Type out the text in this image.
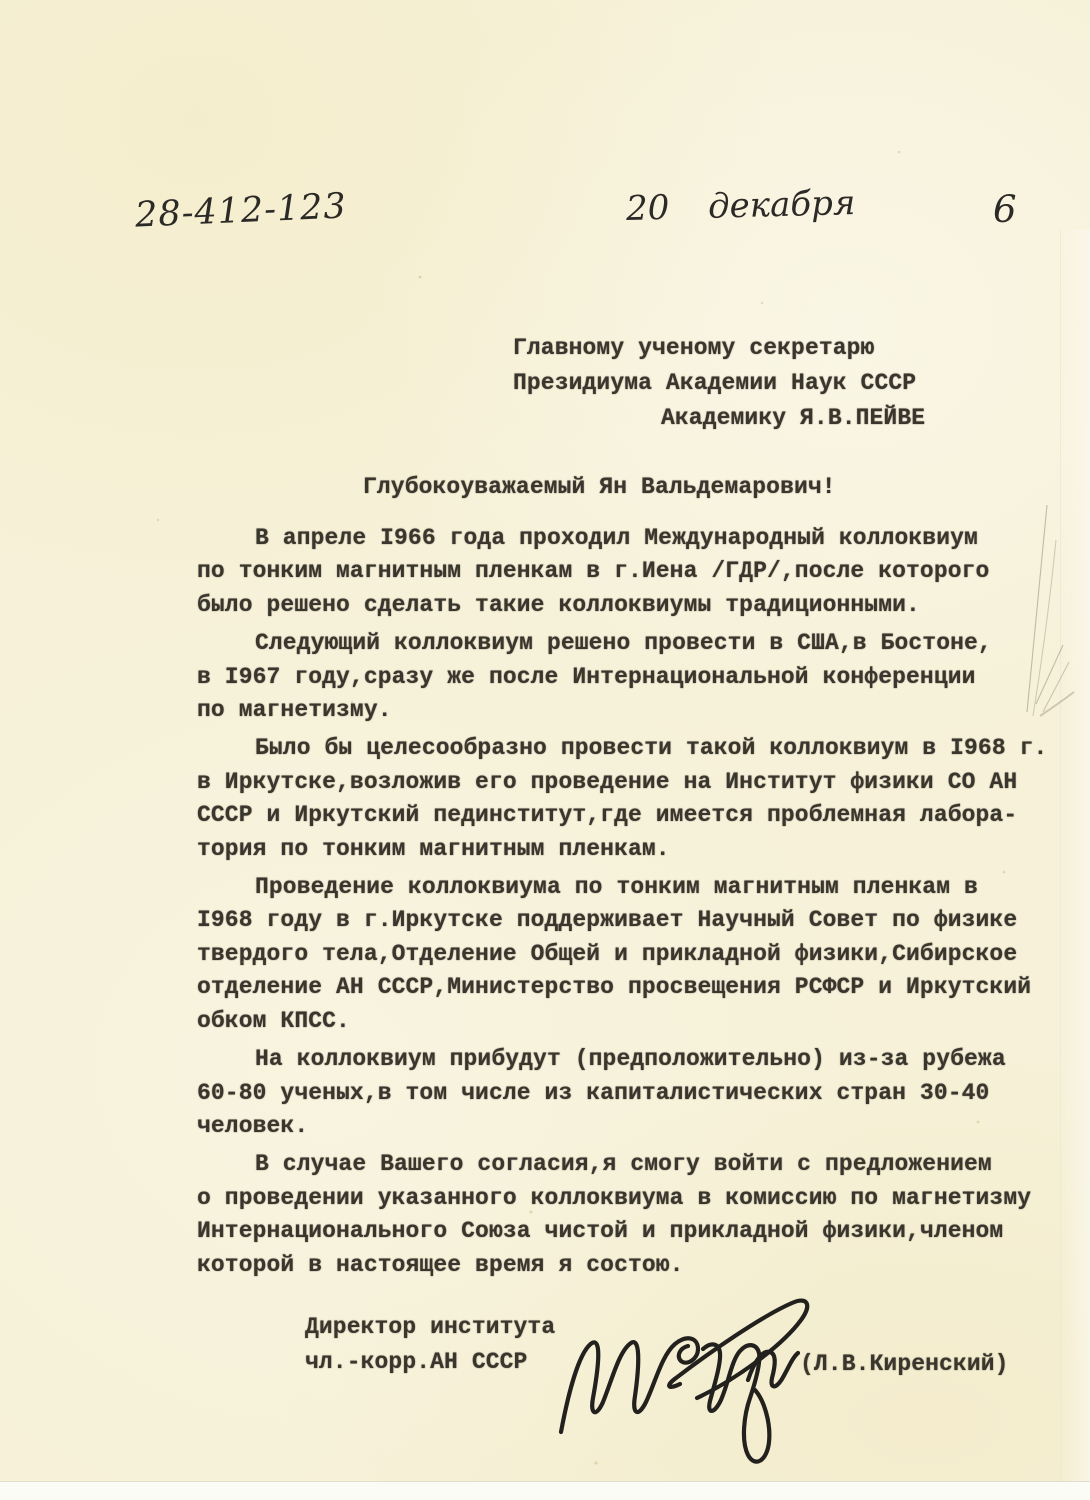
28-412-123	20 декабря	6
Главному ученому секретарю
Президиума Академии Наук СССР
Академику Я.В.ПЕЙВЕ
Глубокоуважаемый Ян Вальдемарович!
В апреле I966 года проходил Международный коллоквиум
по тонким магнитным пленкам в г.Иена /ГДР/,после которого
было решено сделать такие коллоквиумы традиционными.
Следующий коллоквиум решено провести в США,в Бостоне,
в I967 году,сразу же после Интернациональной конференции
по магнетизму.
Было бы целесообразно провести такой коллоквиум в I968 г.
в Иркутске,возложив его проведение на Институт физики СО АН
СССР и Иркутский пединститут,где имеется проблемная лабора-
тория по тонким магнитным пленкам.
Проведение коллоквиума по тонким магнитным пленкам в
I968 году в г.Иркутске поддерживает Научный Совет по физике
твердого тела,Отделение Общей и прикладной физики,Сибирское
отделение АН СССР,Министерство просвещения РСФСР и Иркутский
обком КПСС.
На коллоквиум прибудут (предположительно) из-за рубежа
60-80 ученых,в том числе из капиталистических стран 30-40
человек.
В случае Вашего согласия,я смогу войти с предложением
о проведении указанного коллоквиума в комиссию по магнетизму
Интернационального Союза чистой и прикладной физики,членом
которой в настоящее время я состою.
Директор института
чл.-корр.АН СССР	(Л.В.Киренский)
